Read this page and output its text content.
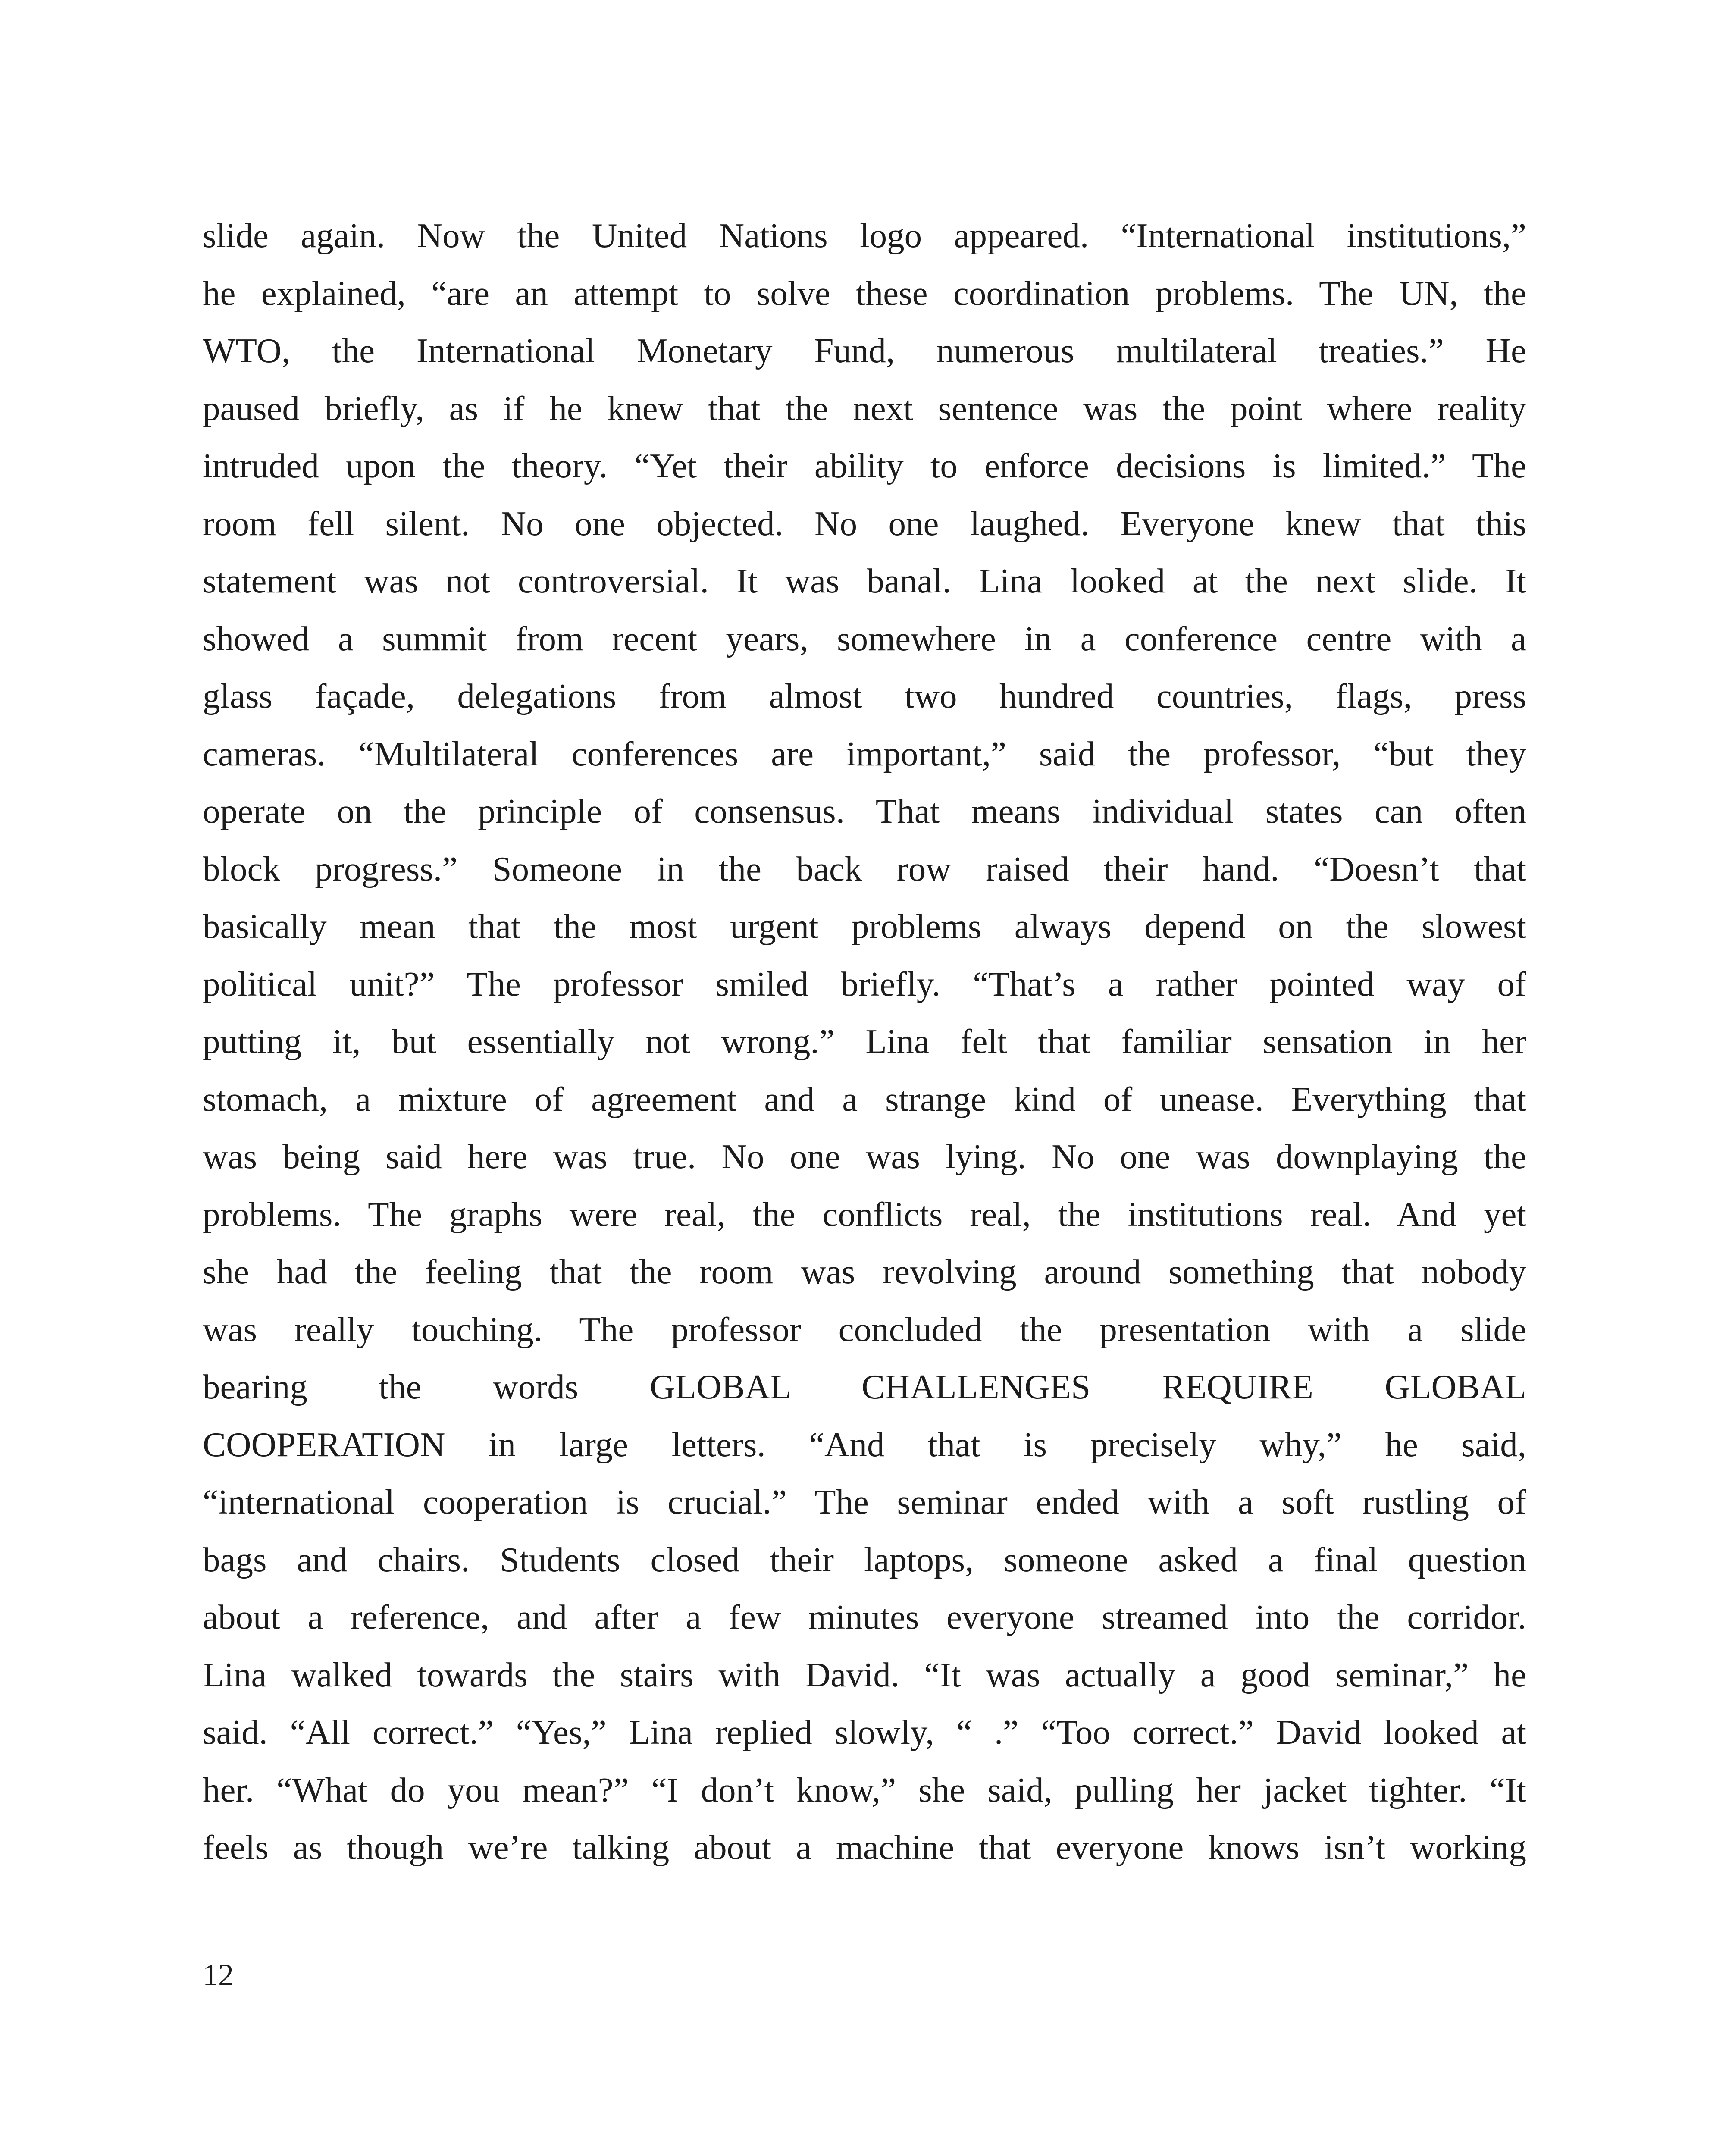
slide again. Now the United Nations logo appeared. “International institutions,”
he explained, “are an attempt to solve these coordination problems. The UN, the
WTO, the International Monetary Fund, numerous multilateral treaties.” He
paused briefly, as if he knew that the next sentence was the point where reality
intruded upon the theory. “Yet their ability to enforce decisions is limited.” The
room fell silent. No one objected. No one laughed. Everyone knew that this
statement was not controversial. It was banal. Lina looked at the next slide. It
showed a summit from recent years, somewhere in a conference centre with a
glass façade, delegations from almost two hundred countries, flags, press
cameras. “Multilateral conferences are important,” said the professor, “but they
operate on the principle of consensus. That means individual states can often
block progress.” Someone in the back row raised their hand. “Doesn’t that
basically mean that the most urgent problems always depend on the slowest
political unit?” The professor smiled briefly. “That’s a rather pointed way of
putting it, but essentially not wrong.” Lina felt that familiar sensation in her
stomach, a mixture of agreement and a strange kind of unease. Everything that
was being said here was true. No one was lying. No one was downplaying the
problems. The graphs were real, the conflicts real, the institutions real. And yet
she had the feeling that the room was revolving around something that nobody
was really touching. The professor concluded the presentation with a slide
bearing the words GLOBAL CHALLENGES REQUIRE GLOBAL
COOPERATION in large letters. “And that is precisely why,” he said,
“international cooperation is crucial.” The seminar ended with a soft rustling of
bags and chairs. Students closed their laptops, someone asked a final question
about a reference, and after a few minutes everyone streamed into the corridor.
Lina walked towards the stairs with David. “It was actually a good seminar,” he
said. “All correct.” “Yes,” Lina replied slowly, “ .” “Too correct.” David looked at
her. “What do you mean?” “I don’t know,” she said, pulling her jacket tighter. “It
feels as though we’re talking about a machine that everyone knows isn’t working
12
